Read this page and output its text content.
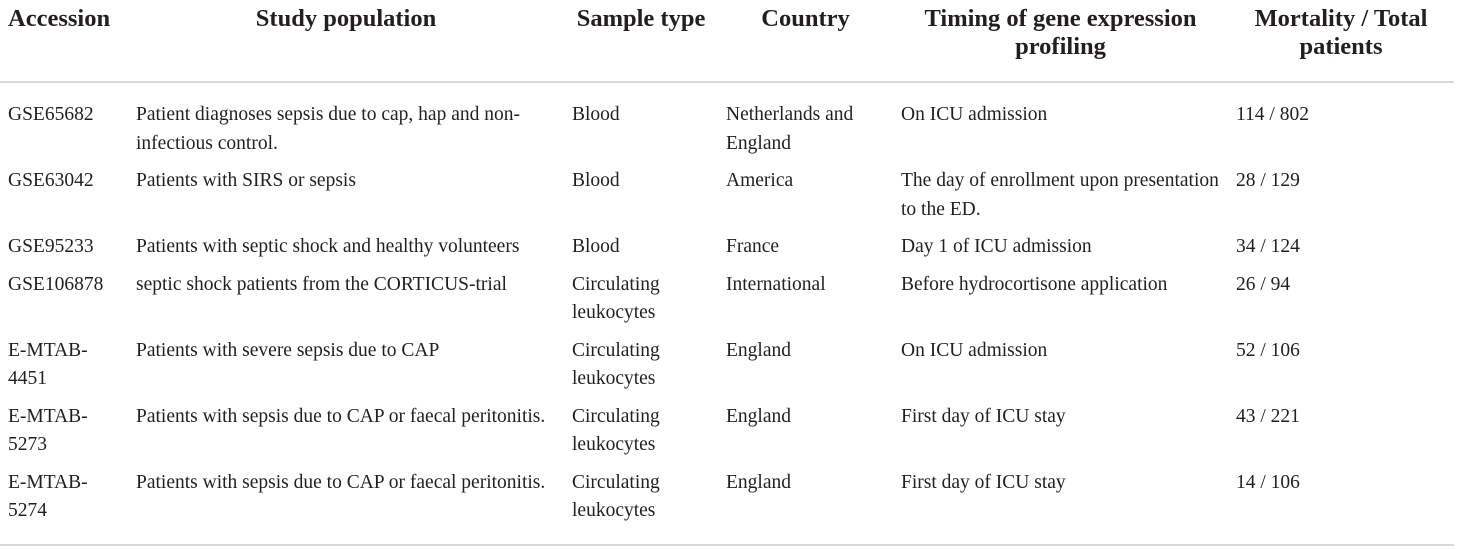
Accession	Study population	Sample type	Country	Timing of gene expression profiling	Mortality / Total patients
GSE65682	Patient diagnoses sepsis due to cap, hap and non-infectious control.	Blood	Netherlands and England	On ICU admission	114 / 802
GSE63042	Patients with SIRS or sepsis	Blood	America	The day of enrollment upon presentation to the ED.	28 / 129
GSE95233	Patients with septic shock and healthy volunteers	Blood	France	Day 1 of ICU admission	34 / 124
GSE106878	septic shock patients from the CORTICUS-trial	Circulating leukocytes	International	Before hydrocortisone application	26 / 94
E-MTAB-4451	Patients with severe sepsis due to CAP	Circulating leukocytes	England	On ICU admission	52 / 106
E-MTAB-5273	Patients with sepsis due to CAP or faecal peritonitis.	Circulating leukocytes	England	First day of ICU stay	43 / 221
E-MTAB-5274	Patients with sepsis due to CAP or faecal peritonitis.	Circulating leukocytes	England	First day of ICU stay	14 / 106
